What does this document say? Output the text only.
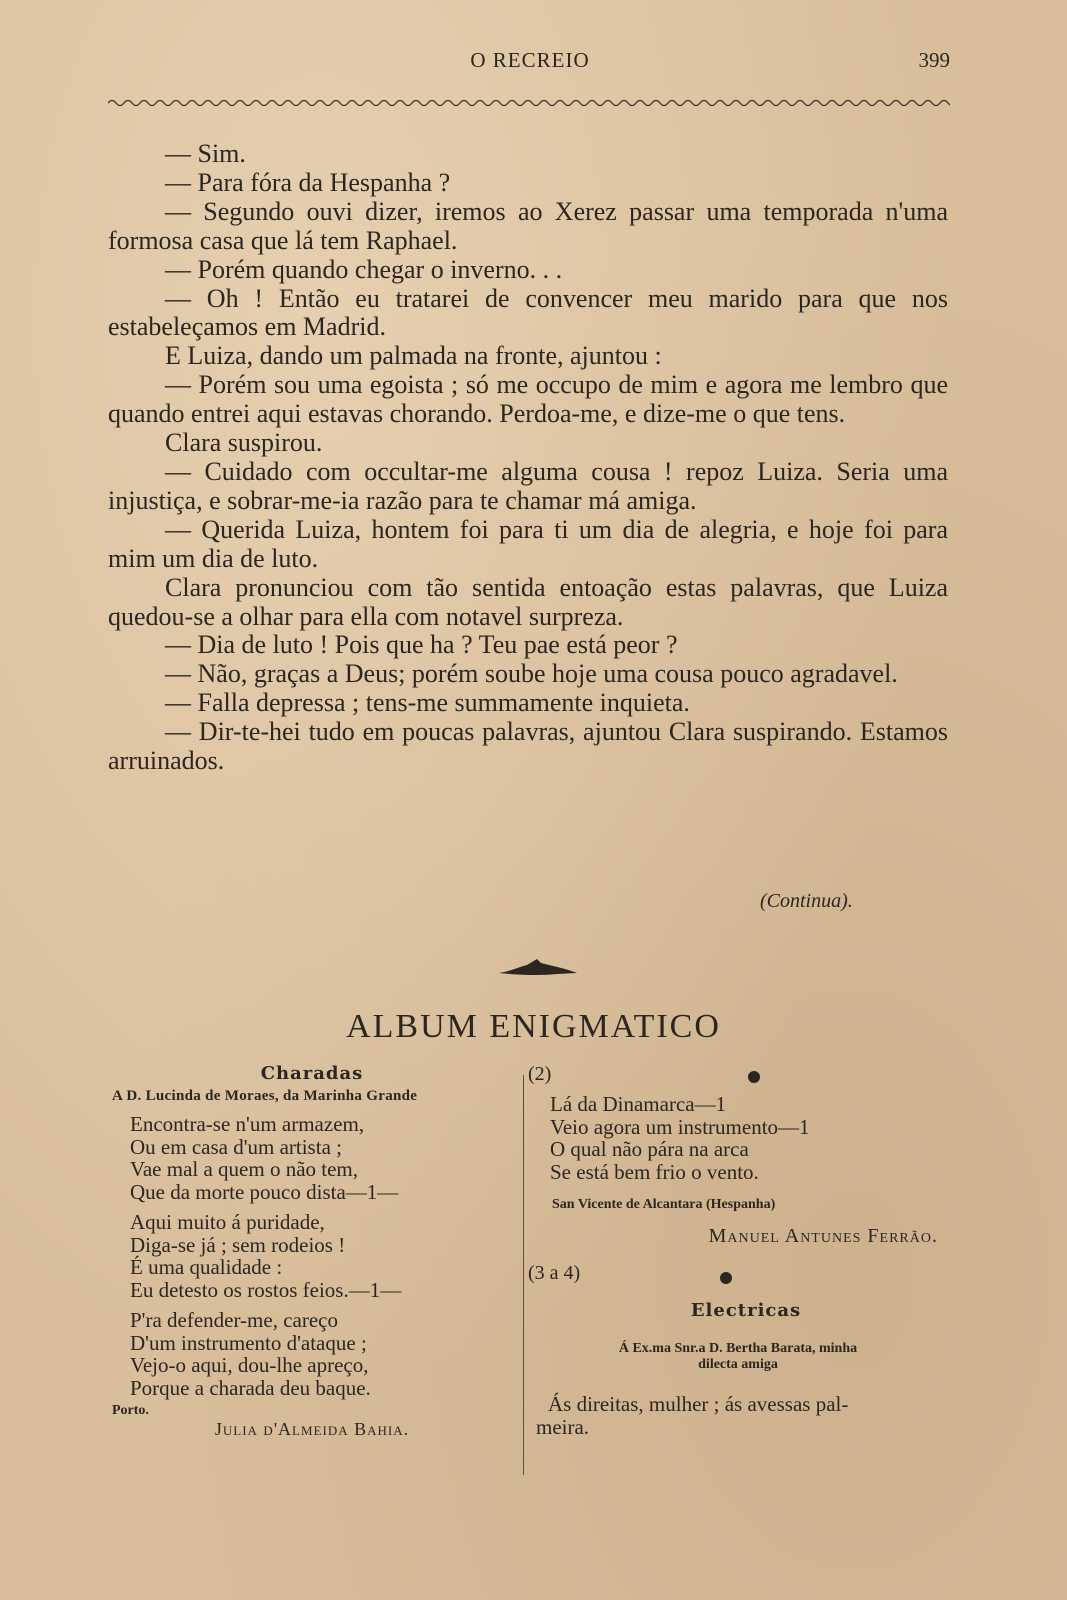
O RECREIO	399

— Sim.

— Para fóra da Hespanha ?

— Segundo ouvi dizer, iremos ao Xerez passar uma temporada n'uma formosa casa que lá tem Raphael.

— Porém quando chegar o inverno. . .

— Oh ! Então eu tratarei de convencer meu marido para que nos estabeleçamos em Madrid.

E Luiza, dando um palmada na fronte, ajuntou :

— Porém sou uma egoista ; só me occupo de mim e agora me lembro que quando entrei aqui estavas chorando. Perdoa-me, e dize-me o que tens.

Clara suspirou.

— Cuidado com occultar-me alguma cousa ! repoz Luiza. Seria uma injustiça, e sobrar-me-ia razão para te chamar má amiga.

— Querida Luiza, hontem foi para ti um dia de alegria, e hoje foi para mim um dia de luto.

Clara pronunciou com tão sentida entoação estas palavras, que Luiza quedou-se a olhar para ella com notavel surpreza.

— Dia de luto ! Pois que ha ? Teu pae está peor ?

— Não, graças a Deus; porém soube hoje uma cousa pouco agradavel.

— Falla depressa ; tens-me summamente inquieta.

— Dir-te-hei tudo em poucas palavras, ajuntou Clara suspirando. Estamos arruinados.

(Continua).
ALBUM ENIGMATICO
Charadas
A D. Lucinda de Moraes, da Marinha Grande
Encontra-se n'um armazem,
Ou em casa d'um artista ;
Vae mal a quem o não tem,
Que da morte pouco dista—1—
Aqui muito á puridade,
Diga-se já ; sem rodeios !
É uma qualidade :
Eu detesto os rostos feios.—1—
P'ra defender-me, careço
D'um instrumento d'ataque ;
Vejo-o aqui, dou-lhe apreço,
Porque a charada deu baque.
Porto.
Julia d'Almeida Bahia.
(2)
Lá da Dinamarca—1
Veio agora um instrumento—1
O qual não pára na arca
Se está bem frio o vento.
San Vicente de Alcantara (Hespanha)
Manuel Antunes Ferrão.
(3 a 4)
Electricas
Á Ex.ma Snr.a D. Bertha Barata, minha
dilecta amiga
Ás direitas, mulher ; ás avessas pal-
meira.
